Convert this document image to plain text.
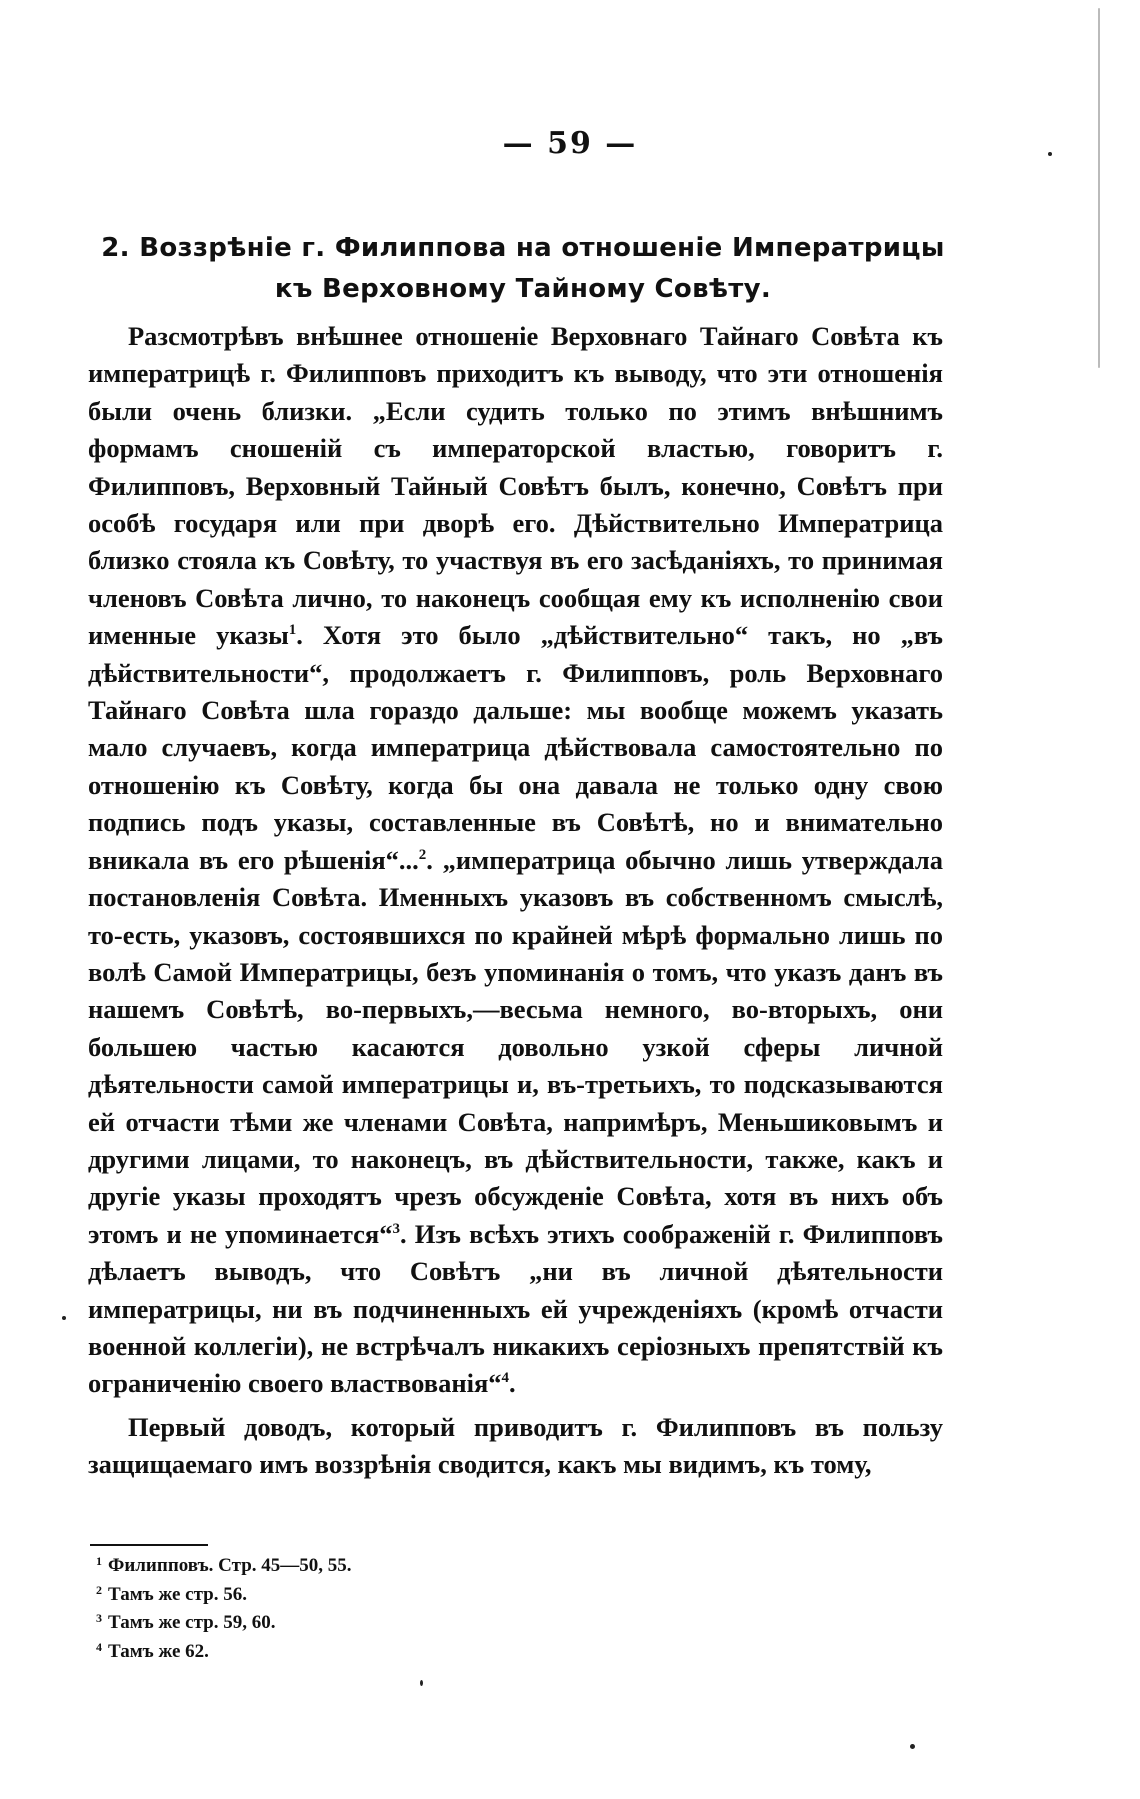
— 59 —
2. Воззрѣніе г. Филиппова на отношеніе Императрицы къ Верховному Тайному Совѣту.

Разсмотрѣвъ внѣшнее отношеніе Верховнаго Тайнаго Совѣта къ императрицѣ г. Филипповъ приходитъ къ выводу, что эти отношенія были очень близки. „Если судить только по этимъ внѣшнимъ формамъ сношеній съ императорской властью, говоритъ г. Филипповъ, Верховный Тайный Совѣтъ былъ, конечно, Совѣтъ при особѣ государя или при дворѣ его. Дѣйствительно Императрица близко стояла къ Совѣту, то участвуя въ его засѣданіяхъ, то принимая членовъ Совѣта лично, то наконецъ сообщая ему къ исполненію свои именные указы$^1$. Хотя это было „дѣйствительно“ такъ, но „въ дѣйствительности“, продолжаетъ г. Филипповъ, роль Верховнаго Тайнаго Совѣта шла гораздо дальше: мы вообще можемъ указать мало случаевъ, когда императрица дѣйствовала самостоятельно по отношенію къ Совѣту, когда бы она давала не только одну свою подпись подъ указы, составленные въ Совѣтѣ, но и внимательно вникала въ его рѣшенія“...$^2$. „императрица обычно лишь утверждала постановленія Совѣта. Именныхъ указовъ въ собственномъ смыслѣ, то-есть, указовъ, состоявшихся по крайней мѣрѣ формально лишь по волѣ Самой Императрицы, безъ упоминанія о томъ, что указъ данъ въ нашемъ Совѣтѣ, во-первыхъ,—весьма немного, во-вторыхъ, они большею частью касаются довольно узкой сферы личной дѣятельности самой императрицы и, въ-третьихъ, то подсказываются ей отчасти тѣми же членами Совѣта, напримѣръ, Меньшиковымъ и другими лицами, то наконецъ, въ дѣйствительности, также, какъ и другіе указы проходятъ чрезъ обсужденіе Совѣта, хотя въ нихъ объ этомъ и не упоминается“$^3$. Изъ всѣхъ этихъ соображеній г. Филипповъ дѣлаетъ выводъ, что Совѣтъ „ни въ личной дѣятельности императрицы, ни въ подчиненныхъ ей учрежденіяхъ (кромѣ отчасти военной коллегіи), не встрѣчалъ никакихъ серіозныхъ препятствій къ ограниченію своего властвованія“$^4$.

Первый доводъ, который приводитъ г. Филипповъ въ пользу защищаемаго имъ воззрѣнія сводится, какъ мы видимъ, къ тому,

1 Филипповъ. Стр. 45—50, 55.
2 Тамъ же стр. 56.
3 Тамъ же стр. 59, 60.
4 Тамъ же 62.
